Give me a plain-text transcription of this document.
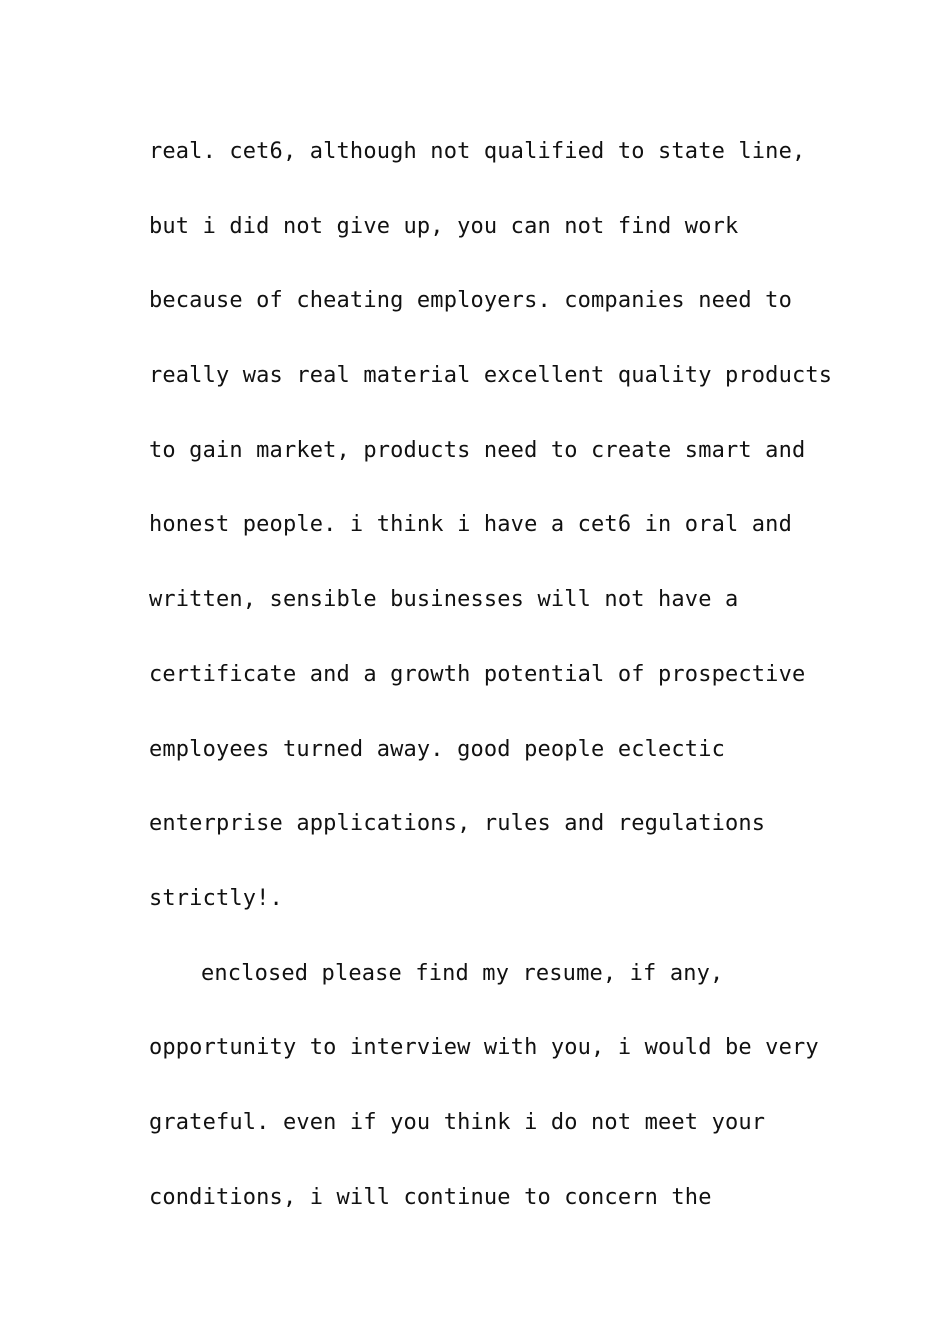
real. cet6, although not qualified to state line,
but i did not give up, you can not find work
because of cheating employers. companies need to
really was real material excellent quality products
to gain market, products need to create smart and
honest people. i think i have a cet6 in oral and
written, sensible businesses will not have a
certificate and a growth potential of prospective
employees turned away. good people eclectic
enterprise applications, rules and regulations
strictly!.
enclosed please find my resume, if any,
opportunity to interview with you, i would be very
grateful. even if you think i do not meet your
conditions, i will continue to concern the
